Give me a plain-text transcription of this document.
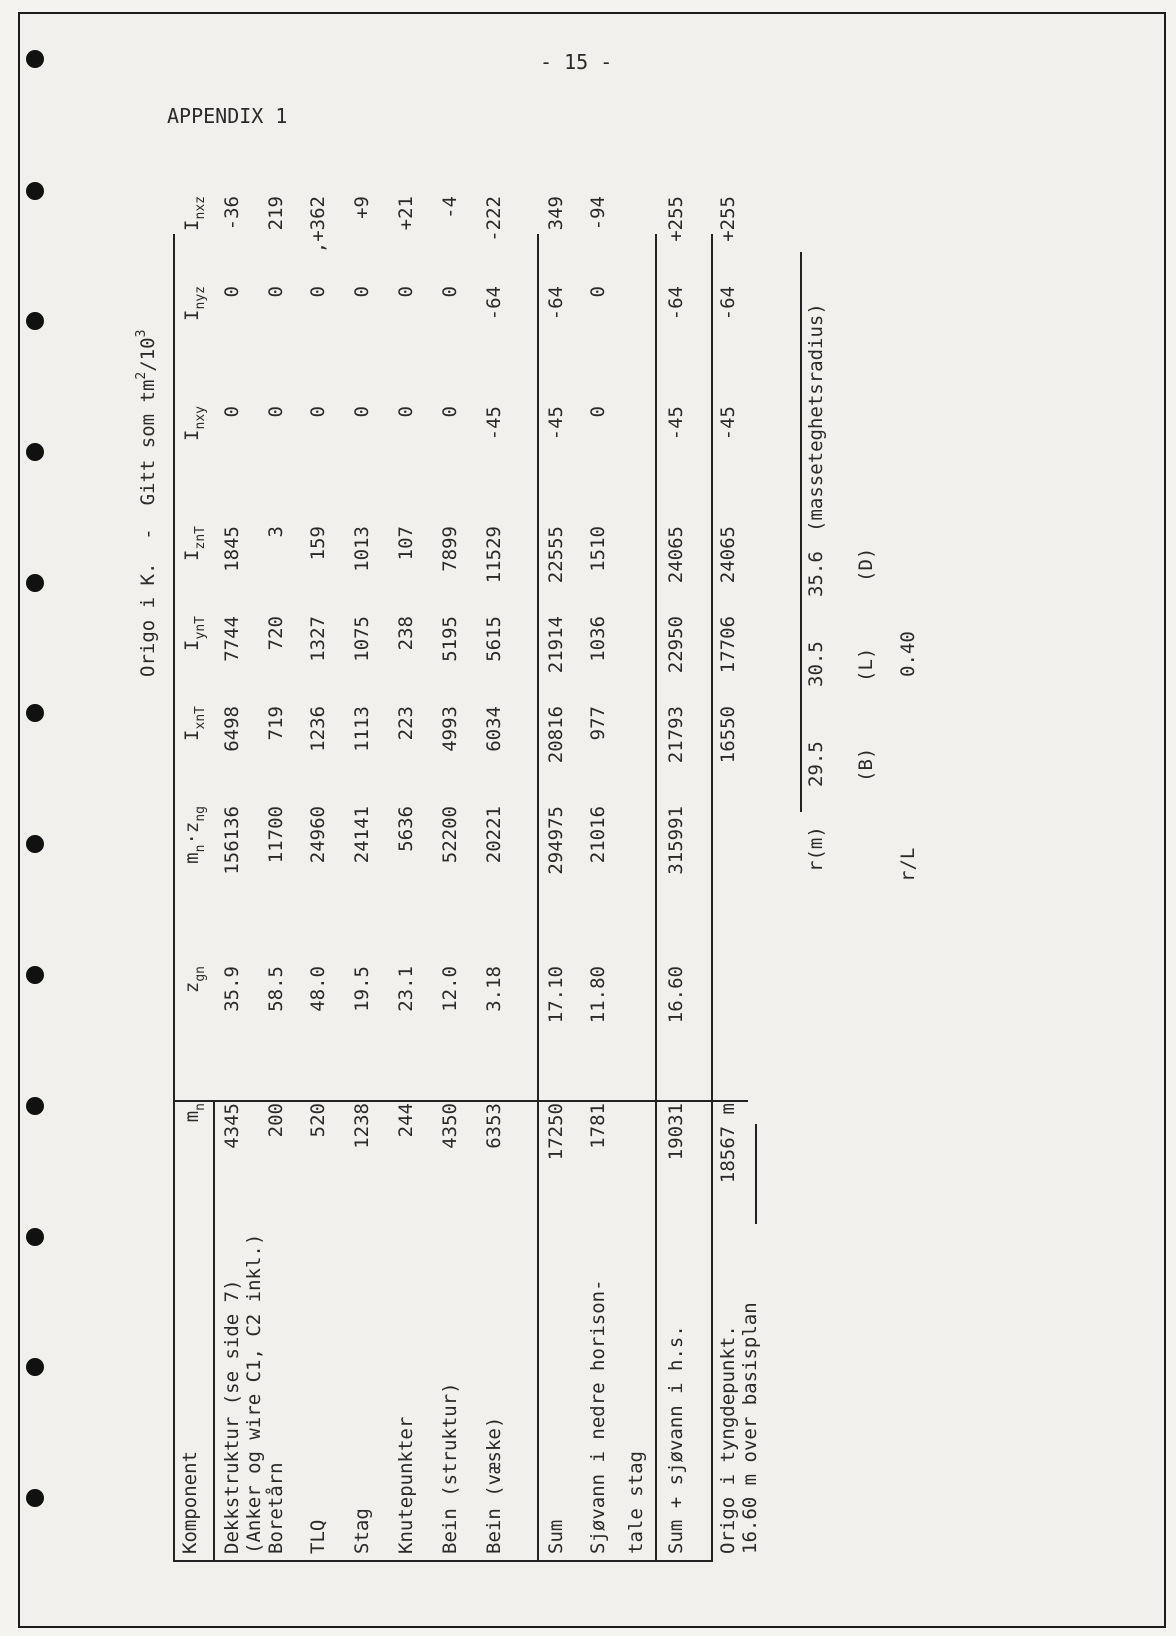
- 15 -
APPENDIX 1
Origo i K.  -  Gitt som $tm^2/10^3$
Komponent
$m_n$
$z_{gn}$
$m_n\cdot z_{ng}$
$I_{xnT}$
$I_{ynT}$
$I_{znT}$
$I_{nxy}$
$I_{nyz}$
$I_{nxz}$
r(m)
29.5
30.5
35.6
(masseteghetsradius)
(B)
(L)
(D)
r/L
0.40
Dekkstruktur (se side 7) (Anker og wire C1, C2 inkl.) Boretårn
4345
35.9
156136
6498
7744
1845
0
0
-36
200
58.5
11700
719
720
3
0
0
219
TLQ
520
48.0
24960
1236
1327
159
0
0
,+362
Stag
1238
19.5
24141
1113
1075
1013
0
0
+9
Knutepunkter
244
23.1
5636
223
238
107
0
0
+21
Bein (struktur)
4350
12.0
52200
4993
5195
7899
0
0
-4
Bein (væske)
6353
3.18
20221
6034
5615
11529
-45
-64
-222
Sum
17250
17.10
294975
20816
21914
22555
-45
-64
349
Sjøvann i nedre horison- tale stag
1781
11.80
21016
977
1036
1510
0
0
-94
Sum + sjøvann i h.s.
19031
16.60
315991
21793
22950
24065
-45
-64
+255
Origo i tyngdepunkt. 16.60 m over basisplan
18567 m
16550
17706
24065
-45
-64
+255
